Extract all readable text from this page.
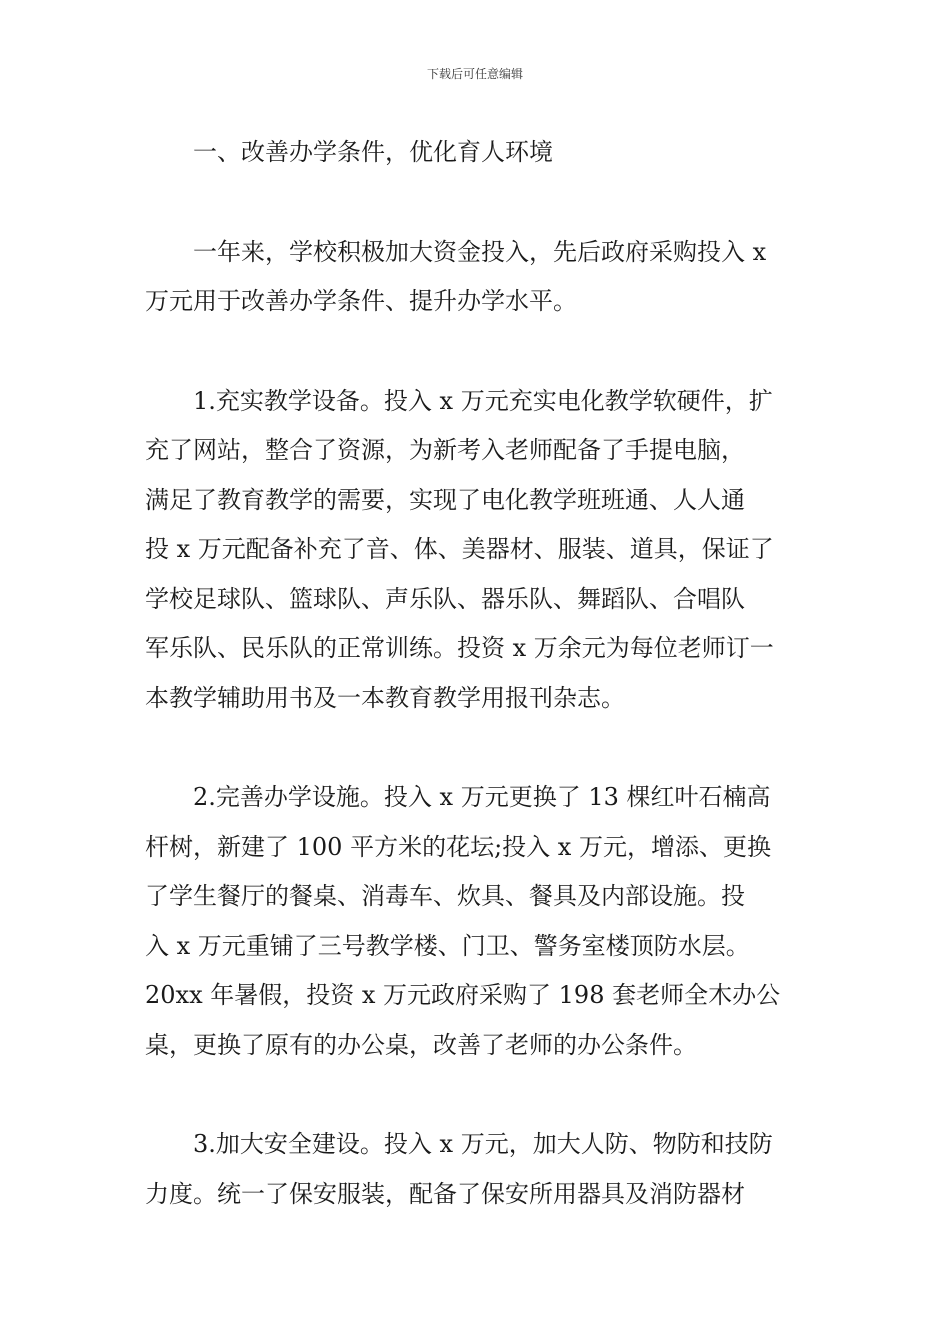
下载后可任意编辑
一、改善办学条件，优化育人环境
一年来，学校积极加大资金投入，先后政府采购投入 x
万元用于改善办学条件、提升办学水平。
1.充实教学设备。投入 x 万元充实电化教学软硬件，扩
充了网站，整合了资源，为新考入老师配备了手提电脑，
满足了教育教学的需要，实现了电化教学班班通、人人通
投 x 万元配备补充了音、体、美器材、服装、道具，保证了
学校足球队、篮球队、声乐队、器乐队、舞蹈队、合唱队
军乐队、民乐队的正常训练。投资 x 万余元为每位老师订一
本教学辅助用书及一本教育教学用报刊杂志。
2.完善办学设施。投入 x 万元更换了 13 棵红叶石楠高
杆树，新建了 100 平方米的花坛;投入 x 万元，增添、更换
了学生餐厅的餐桌、消毒车、炊具、餐具及内部设施。投
入 x 万元重铺了三号教学楼、门卫、警务室楼顶防水层。
20xx 年暑假，投资 x 万元政府采购了 198 套老师全木办公
桌，更换了原有的办公桌，改善了老师的办公条件。
3.加大安全建设。投入 x 万元，加大人防、物防和技防
力度。统一了保安服装，配备了保安所用器具及消防器材
